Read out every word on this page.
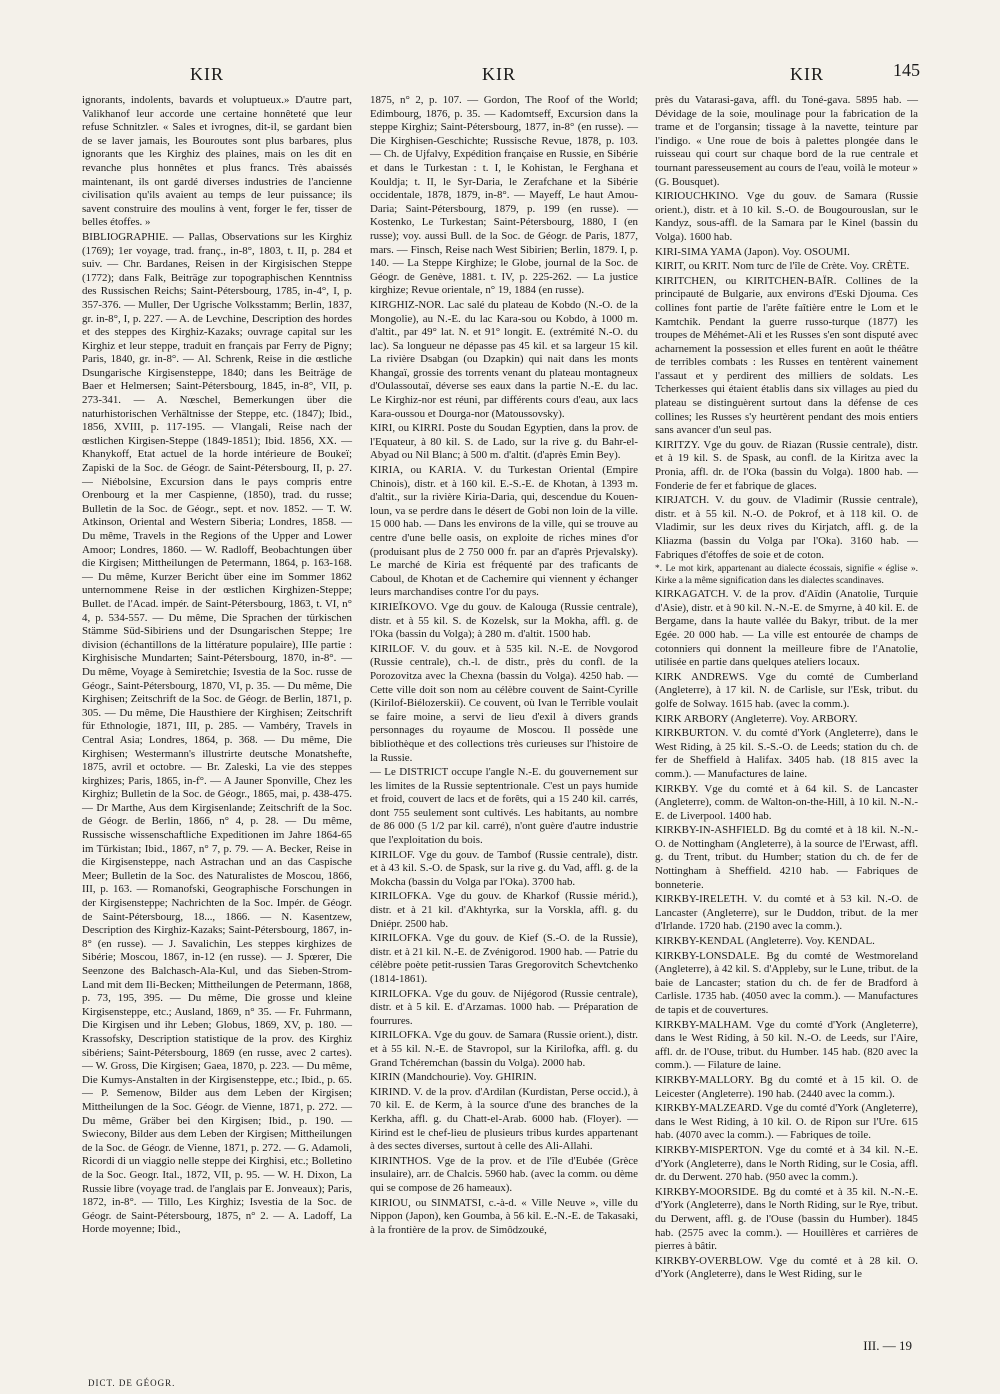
KIR	KIR	KIR	145

ignorants, indolents, bavards et voluptueux.» D'autre part, Valikhanof leur accorde une certaine honnêteté que leur refuse Schnitzler. « Sales et ivrognes, dit-il, se gardant bien de se laver jamais, les Bouroutes sont plus barbares, plus ignorants que les Kirghiz des plaines, mais on les dit en revanche plus honnêtes et plus francs. Très abaissés maintenant, ils ont gardé diverses industries de l'ancienne civilisation qu'ils avaient au temps de leur puissance; ils savent construire des moulins à vent, forger le fer, tisser de belles étoffes. »

BIBLIOGRAPHIE. — Pallas, Observations sur les Kirghiz (1769); 1er voyage, trad. franç., in-8°, 1803, t. II, p. 284 et suiv. — Chr. Bardanes, Reisen in der Kirgisischen Steppe (1772); dans Falk, Beiträge zur topographischen Kenntniss des Russischen Reichs; Saint-Pétersbourg, 1785, in-4°, I, p. 357-376. — Muller, Der Ugrische Volksstamm; Berlin, 1837, gr. in-8°, I, p. 227. — A. de Levchine, Description des hordes et des steppes des Kirghiz-Kazaks; ouvrage capital sur les Kirghiz et leur steppe, traduit en français par Ferry de Pigny; Paris, 1840, gr. in-8°. — Al. Schrenk, Reise in die œstliche Dsungarische Kirgisensteppe, 1840; dans les Beiträge de Baer et Helmersen; Saint-Pétersbourg, 1845, in-8°, VII, p. 273-341. — A. Nœschel, Bemerkungen über die naturhistorischen Verhältnisse der Steppe, etc. (1847); Ibid., 1856, XVIII, p. 117-195. — Vlangali, Reise nach der œstlichen Kirgisen-Steppe (1849-1851); Ibid. 1856, XX. — Khanykoff, Etat actuel de la horde intérieure de Boukeï; Zapiski de la Soc. de Géogr. de Saint-Pétersbourg, II, p. 27. — Niébolsine, Excursion dans le pays compris entre Orenbourg et la mer Caspienne, (1850), trad. du russe; Bulletin de la Soc. de Géogr., sept. et nov. 1852. — T. W. Atkinson, Oriental and Western Siberia; Londres, 1858. — Du même, Travels in the Regions of the Upper and Lower Amoor; Londres, 1860. — W. Radloff, Beobachtungen über die Kirgisen; Mittheilungen de Petermann, 1864, p. 163-168. — Du même, Kurzer Bericht über eine im Sommer 1862 unternommene Reise in der œstlichen Kirghizen-Steppe; Bullet. de l'Acad. impér. de Saint-Pétersbourg, 1863, t. VI, n° 4, p. 534-557. — Du même, Die Sprachen der türkischen Stämme Süd-Sibiriens und der Dsungarischen Steppe; 1re division (échantillons de la littérature populaire), IIIe partie : Kirghisische Mundarten; Saint-Pétersbourg, 1870, in-8°. — Du même, Voyage à Semiretchie; Isvestia de la Soc. russe de Géogr., Saint-Pétersbourg, 1870, VI, p. 35. — Du même, Die Kirghisen; Zeitschrift de la Soc. de Géogr. de Berlin, 1871, p. 305. — Du même, Die Hausthiere der Kirghisen; Zeitschrift für Ethnologie, 1871, III, p. 285. — Vambéry, Travels in Central Asia; Londres, 1864, p. 368. — Du même, Die Kirghisen; Westermann's illustrirte deutsche Monatshefte, 1875, avril et octobre. — Br. Zaleski, La vie des steppes kirghizes; Paris, 1865, in-f°. — A Jauner Sponville, Chez les Kirghiz; Bulletin de la Soc. de Géogr., 1865, mai, p. 438-475. — Dr Marthe, Aus dem Kirgisenlande; Zeitschrift de la Soc. de Géogr. de Berlin, 1866, n° 4, p. 28. — Du même, Russische wissenschaftliche Expeditionen im Jahre 1864-65 im Türkistan; Ibid., 1867, n° 7, p. 79. — A. Becker, Reise in die Kirgisensteppe, nach Astrachan und an das Caspische Meer; Bulletin de la Soc. des Naturalistes de Moscou, 1866, III, p. 163. — Romanofski, Geographische Forschungen in der Kirgisensteppe; Nachrichten de la Soc. Impér. de Géogr. de Saint-Pétersbourg, 18..., 1866. — N. Kasentzew, Description des Kirghiz-Kazaks; Saint-Pétersbourg, 1867, in-8° (en russe). — J. Savalichin, Les steppes kirghizes de Sibérie; Moscou, 1867, in-12 (en russe). — J. Spœrer, Die Seenzone des Balchasch-Ala-Kul, und das Sieben-Strom-Land mit dem Ili-Becken; Mittheilungen de Petermann, 1868, p. 73, 195, 395. — Du même, Die grosse und kleine Kirgisensteppe, etc.; Ausland, 1869, n° 35. — Fr. Fuhrmann, Die Kirgisen und ihr Leben; Globus, 1869, XV, p. 180. — Krassofsky, Description statistique de la prov. des Kirghiz sibériens; Saint-Pétersbourg, 1869 (en russe, avec 2 cartes). — W. Gross, Die Kirgisen; Gaea, 1870, p. 223. — Du même, Die Kumys-Anstalten in der Kirgisensteppe, etc.; Ibid., p. 65. — P. Semenow, Bilder aus dem Leben der Kirgisen; Mittheilungen de la Soc. Géogr. de Vienne, 1871, p. 272. — Du même, Gräber bei den Kirgisen; Ibid., p. 190. — Swiecony, Bilder aus dem Leben der Kirgisen; Mittheilungen de la Soc. de Géogr. de Vienne, 1871, p. 272. — G. Adamoli, Ricordi di un viaggio nelle steppe dei Kirghisi, etc.; Bolletino de la Soc. Geogr. Ital., 1872, VII, p. 95. — W. H. Dixon, La Russie libre (voyage trad. de l'anglais par E. Jonveaux); Paris, 1872, in-8°. — Tillo, Les Kirghiz; Isvestia de la Soc. de Géogr. de Saint-Pétersbourg, 1875, n° 2. — A. Ladoff, La Horde moyenne; Ibid.,

1875, n° 2, p. 107. — Gordon, The Roof of the World; Edimbourg, 1876, p. 35. — Kadomtseff, Excursion dans la steppe Kirghiz; Saint-Pétersbourg, 1877, in-8° (en russe). — Die Kirghisen-Geschichte; Russische Revue, 1878, p. 103. — Ch. de Ujfalvy, Expédition française en Russie, en Sibérie et dans le Turkestan : t. I, le Kohistan, le Ferghana et Kouldja; t. II, le Syr-Daria, le Zerafchane et la Sibérie occidentale, 1878, 1879, in-8°. — Mayeff, Le haut Amou-Daria; Saint-Pétersbourg, 1879, p. 199 (en russe). — Kostenko, Le Turkestan; Saint-Pétersbourg, 1880, I (en russe); voy. aussi Bull. de la Soc. de Géogr. de Paris, 1877, mars. — Finsch, Reise nach West Sibirien; Berlin, 1879. I, p. 140. — La Steppe Kirghize; le Globe, journal de la Soc. de Géogr. de Genève, 1881. t. IV, p. 225-262. — La justice kirghize; Revue orientale, n° 19, 1884 (en russe).

KIRGHIZ-NOR. Lac salé du plateau de Kobdo (N.-O. de la Mongolie), au N.-E. du lac Kara-sou ou Kobdo, à 1000 m. d'altit., par 49° lat. N. et 91° longit. E. (extrémité N.-O. du lac). Sa longueur ne dépasse pas 45 kil. et sa largeur 15 kil. La rivière Dsabgan (ou Dzapkin) qui nait dans les monts Khangaï, grossie des torrents venant du plateau montagneux d'Oulassoutaï, déverse ses eaux dans la partie N.-E. du lac. Le Kirghiz-nor est réuni, par différents cours d'eau, aux lacs Kara-oussou et Dourga-nor (Matoussovsky).

KIRI, ou KIRRI. Poste du Soudan Egyptien, dans la prov. de l'Equateur, à 80 kil. S. de Lado, sur la rive g. du Bahr-el-Abyad ou Nil Blanc; à 500 m. d'altit. (d'après Emin Bey).

KIRIA, ou KARIA. V. du Turkestan Oriental (Empire Chinois), distr. et à 160 kil. E.-S.-E. de Khotan, à 1393 m. d'altit., sur la rivière Kiria-Daria, qui, descendue du Kouen-loun, va se perdre dans le désert de Gobi non loin de la ville. 15 000 hab. — Dans les environs de la ville, qui se trouve au centre d'une belle oasis, on exploite de riches mines d'or (produisant plus de 2 750 000 fr. par an d'après Prjevalsky). Le marché de Kiria est fréquenté par des traficants de Caboul, de Khotan et de Cachemire qui viennent y échanger leurs marchandises contre l'or du pays.

KIRIEÏKOVO. Vge du gouv. de Kalouga (Russie centrale), distr. et à 55 kil. S. de Kozelsk, sur la Mokha, affl. g. de l'Oka (bassin du Volga); à 280 m. d'altit. 1500 hab.

KIRILOF. V. du gouv. et à 535 kil. N.-E. de Novgorod (Russie centrale), ch.-l. de distr., près du confl. de la Porozovitza avec la Chexna (bassin du Volga). 4250 hab. — Cette ville doit son nom au célèbre couvent de Saint-Cyrille (Kirilof-Biélozerskii). Ce couvent, où Ivan le Terrible voulait se faire moine, a servi de lieu d'exil à divers grands personnages du royaume de Moscou. Il possède une bibliothèque et des collections très curieuses sur l'histoire de la Russie.

— Le DISTRICT occupe l'angle N.-E. du gouvernement sur les limites de la Russie septentrionale. C'est un pays humide et froid, couvert de lacs et de forêts, qui a 15 240 kil. carrés, dont 755 seulement sont cultivés. Les habitants, au nombre de 86 000 (5 1/2 par kil. carré), n'ont guère d'autre industrie que l'exploitation du bois.

KIRILOF. Vge du gouv. de Tambof (Russie centrale), distr. et à 43 kil. S.-O. de Spask, sur la rive g. du Vad, affl. g. de la Mokcha (bassin du Volga par l'Oka). 3700 hab.

KIRILOFKA. Vge du gouv. de Kharkof (Russie mérid.), distr. et à 21 kil. d'Akhtyrka, sur la Vorskla, affl. g. du Dniépr. 2500 hab.

KIRILOFKA. Vge du gouv. de Kief (S.-O. de la Russie), distr. et à 21 kil. N.-E. de Zvénigorod. 1900 hab. — Patrie du célèbre poète petit-russien Taras Gregorovitch Schevtchenko (1814-1861).

KIRILOFKA. Vge du gouv. de Nijégorod (Russie centrale), distr. et à 5 kil. E. d'Arzamas. 1000 hab. — Préparation de fourrures.

KIRILOFKA. Vge du gouv. de Samara (Russie orient.), distr. et à 55 kil. N.-E. de Stavropol, sur la Kirilofka, affl. g. du Grand Tchéremchan (bassin du Volga). 2000 hab.

KIRIN (Mandchourie). Voy. GHIRIN.

KIRIND. V. de la prov. d'Ardilan (Kurdistan, Perse occid.), à 70 kil. E. de Kerm, à la source d'une des branches de la Kerkha, affl. g. du Chatt-el-Arab. 6000 hab. (Floyer). — Kirind est le chef-lieu de plusieurs tribus kurdes appartenant à des sectes diverses, surtout à celle des Ali-Allahi.

KIRINTHOS. Vge de la prov. et de l'île d'Eubée (Grèce insulaire), arr. de Chalcis. 5960 hab. (avec la comm. ou dème qui se compose de 26 hameaux).

KIRIOU, ou SINMATSI, c.-à-d. « Ville Neuve », ville du Nippon (Japon), ken Goumba, à 56 kil. E.-N.-E. de Takasaki, à la frontière de la prov. de Simôdzouké,

près du Vatarasi-gava, affl. du Toné-gava. 5895 hab. — Dévidage de la soie, moulinage pour la fabrication de la trame et de l'organsin; tissage à la navette, teinture par l'indigo. « Une roue de bois à palettes plongée dans le ruisseau qui court sur chaque bord de la rue centrale et tournant paresseusement au cours de l'eau, voilà le moteur » (G. Bousquet).

KIRIOUCHKINO. Vge du gouv. de Samara (Russie orient.), distr. et à 10 kil. S.-O. de Bougourouslan, sur le Kandyz, sous-affl. de la Samara par le Kinel (bassin du Volga). 1600 hab.

KIRI-SIMA YAMA (Japon). Voy. OSOUMI.

KIRIT, ou KRIT. Nom turc de l'île de Crète. Voy. CRÈTE.

KIRITCHEN, ou KIRITCHEN-BAÏR. Collines de la principauté de Bulgarie, aux environs d'Eski Djouma. Ces collines font partie de l'arête faîtière entre le Lom et le Kamtchik. Pendant la guerre russo-turque (1877) les troupes de Méhémet-Ali et les Russes s'en sont disputé avec acharnement la possession et elles furent en août le théâtre de terribles combats : les Russes en tentèrent vainement l'assaut et y perdirent des milliers de soldats. Les Tcherkesses qui étaient établis dans six villages au pied du plateau se distinguèrent surtout dans la défense de ces collines; les Russes s'y heurtèrent pendant des mois entiers sans avancer d'un seul pas.

KIRITZY. Vge du gouv. de Riazan (Russie centrale), distr. et à 19 kil. S. de Spask, au confl. de la Kiritza avec la Pronia, affl. dr. de l'Oka (bassin du Volga). 1800 hab. — Fonderie de fer et fabrique de glaces.

KIRJATCH. V. du gouv. de Vladimir (Russie centrale), distr. et à 55 kil. N.-O. de Pokrof, et à 118 kil. O. de Vladimir, sur les deux rives du Kirjatch, affl. g. de la Kliazma (bassin du Volga par l'Oka). 3160 hab. — Fabriques d'étoffes de soie et de coton.

*. Le mot kirk, appartenant au dialecte écossais, signifie « église ». Kirke a la même signification dans les dialectes scandinaves.

KIRKAGATCH. V. de la prov. d'Aïdin (Anatolie, Turquie d'Asie), distr. et à 90 kil. N.-N.-E. de Smyrne, à 40 kil. E. de Bergame, dans la haute vallée du Bakyr, tribut. de la mer Egée. 20 000 hab. — La ville est entourée de champs de cotonniers qui donnent la meilleure fibre de l'Anatolie, utilisée en partie dans quelques ateliers locaux.

KIRK ANDREWS. Vge du comté de Cumberland (Angleterre), à 17 kil. N. de Carlisle, sur l'Esk, tribut. du golfe de Solway. 1615 hab. (avec la comm.).

KIRK ARBORY (Angleterre). Voy. ARBORY.

KIRKBURTON. V. du comté d'York (Angleterre), dans le West Riding, à 25 kil. S.-S.-O. de Leeds; station du ch. de fer de Sheffield à Halifax. 3405 hab. (18 815 avec la comm.). — Manufactures de laine.

KIRKBY. Vge du comté et à 64 kil. S. de Lancaster (Angleterre), comm. de Walton-on-the-Hill, à 10 kil. N.-N.-E. de Liverpool. 1400 hab.

KIRKBY-IN-ASHFIELD. Bg du comté et à 18 kil. N.-N.-O. de Nottingham (Angleterre), à la source de l'Erwast, affl. g. du Trent, tribut. du Humber; station du ch. de fer de Nottingham à Sheffield. 4210 hab. — Fabriques de bonneterie.

KIRKBY-IRELETH. V. du comté et à 53 kil. N.-O. de Lancaster (Angleterre), sur le Duddon, tribut. de la mer d'Irlande. 1720 hab. (2190 avec la comm.).

KIRKBY-KENDAL (Angleterre). Voy. KENDAL.

KIRKBY-LONSDALE. Bg du comté de Westmoreland (Angleterre), à 42 kil. S. d'Appleby, sur le Lune, tribut. de la baie de Lancaster; station du ch. de fer de Bradford à Carlisle. 1735 hab. (4050 avec la comm.). — Manufactures de tapis et de couvertures.

KIRKBY-MALHAM. Vge du comté d'York (Angleterre), dans le West Riding, à 50 kil. N.-O. de Leeds, sur l'Aire, affl. dr. de l'Ouse, tribut. du Humber. 145 hab. (820 avec la comm.). — Filature de laine.

KIRKBY-MALLORY. Bg du comté et à 15 kil. O. de Leicester (Angleterre). 190 hab. (2440 avec la comm.).

KIRKBY-MALZEARD. Vge du comté d'York (Angleterre), dans le West Riding, à 10 kil. O. de Ripon sur l'Ure. 615 hab. (4070 avec la comm.). — Fabriques de toile.

KIRKBY-MISPERTON. Vge du comté et à 34 kil. N.-E. d'York (Angleterre), dans le North Riding, sur le Cosia, affl. dr. du Derwent. 270 hab. (950 avec la comm.).

KIRKBY-MOORSIDE. Bg du comté et à 35 kil. N.-N.-E. d'York (Angleterre), dans le North Riding, sur le Rye, tribut. du Derwent, affl. g. de l'Ouse (bassin du Humber). 1845 hab. (2575 avec la comm.). — Houillères et carrières de pierres à bâtir.

KIRKBY-OVERBLOW. Vge du comté et à 28 kil. O. d'York (Angleterre), dans le West Riding, sur le

III. — 19
DICT. DE GÉOGR.
